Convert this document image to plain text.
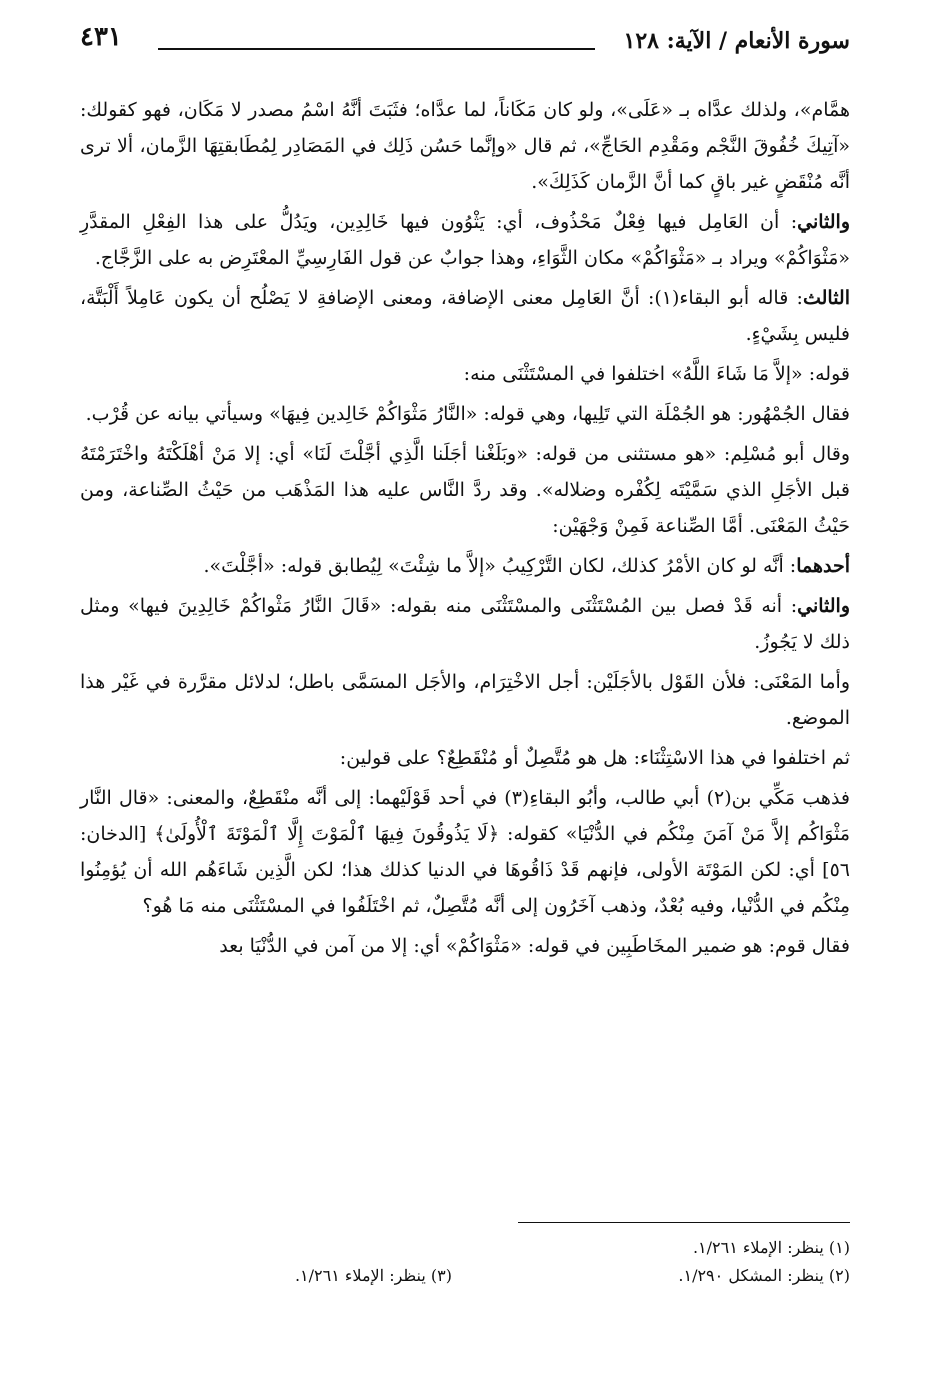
سورة الأنعام / الآية: ١٢٨
٤٣١

همَّام»، ولذلك عدَّاه بـ «عَلَى»، ولو كان مَكَاناً، لما عدَّاه؛ فثَبَتَ أنَّهُ اسْمُ مصدر لا مَكَان، فهو كقولك: «آتِيكَ خُفُوقَ النَّجْم ومَقْدِم الحَاجِّ»، ثم قال «وإنَّما حَسُن ذَلِك في المَصَادِر لِمُطَابقتِهَا الزَّمان، ألا ترى أنَّه مُنْقَضٍ غير باقٍ كما أنَّ الزَّمان كَذَلِكَ».

والثاني: أن العَامِل فيها فِعْلٌ مَحْذُوف، أي: يَثْوُون فيها خَالِدِين، ويَدُلُّ على هذا الفِعْلِ المقدَّرِ «مَثْوَاكُمْ» ويراد بـ «مَثْوَاكُمْ» مكان الثَّوَاءِ، وهذا جوابٌ عن قول الفَارِسِيِّ المعْتَرِض به على الزَّجَّاج.

الثالث: قاله أبو البقاء(١): أنَّ العَامِل معنى الإضافة، ومعنى الإضافةِ لا يَصْلُح أن يكون عَامِلاً أَلْبَتَّة، فليس بِشَيْءٍ.

قوله: «إلاَّ مَا شَاءَ اللَّهُ» اختلفوا في المسْتَثْنَى منه:

فقال الجُمْهُور: هو الجُمْلَة التي تَلِيها، وهي قوله: «النَّارُ مَثْوَاكُمْ خَالِدين فِيهَا» وسيأتي بيانه عن قُرْب.

وقال أبو مُسْلِم: «هو مستثنى من قوله: «وبَلَغْنا أجَلَنا الَّذِي أجَّلْتَ لَنَا» أي: إلا مَنْ أهْلَكْتَهُ واخْتَرَمْتَهُ قبل الأجَلِ الذي سَمَّيْتَه لِكُفْره وضلاله». وقد ردَّ النَّاس عليه هذا المَذْهَب من حَيْثُ الصِّناعة، ومن حَيْثُ المَعْنَى. أمَّا الصِّناعة فَمِنْ وَجْهَيْن:

أحدهما: أنَّه لو كان الأمْرُ كذلك، لكان التَّرْكِيبُ «إلاَّ ما شِئْتَ» لِيُطابق قوله: «أجَّلْتَ».

والثاني: أنه قَدْ فصل بين المُسْتَثْنَى والمسْتَثْنَى منه بقوله: «قَالَ النَّارُ مَثْواكُمْ خَالِدِينَ فيها» ومثل ذلك لا يَجُوزُ.

وأما المَعْنَى: فلأن القَوْل بالأجَلَيْن: أجل الاخْتِرَام، والأجَل المسَمَّى باطل؛ لدلائل مقرَّرة في غَيْر هذا الموضع.

ثم اختلفوا في هذا الاسْتِثْنَاء: هل هو مُتَّصِلٌ أو مُنْقَطِعٌ؟ على قولين:

فذهب مَكِّي بن(٢) أبي طالب، وأبُو البقاءِ(٣) في أحد قَوْلَيْهما: إلى أنَّه منْقَطِعٌ، والمعنى: «قال النَّار مَثْوَاكُم إلاَّ مَنْ آمَنَ مِنْكُم في الدُّنْيَا» كقوله: ﴿لَا يَذُوقُونَ فِيهَا ٱلْمَوْتَ إِلَّا ٱلْمَوْتَةَ ٱلْأُولَىٰ﴾ [الدخان: ٥٦] أي: لكن المَوْتَة الأولى، فإنهم قَدْ ذَاقُوهَا في الدنيا كذلك هذا؛ لكن الَّذِين شَاءَهُم الله أن يُؤمِنُوا مِنْكُم في الدُّنْيا، وفيه بُعْدٌ، وذهب آخَرُون إلى أنَّه مُتَّصِلٌ، ثم اخْتَلَفُوا في المسْتَثْنَى منه مَا هُو؟

فقال قوم: هو ضمير المخَاطَبِين في قوله: «مَثْوَاكُمْ» أي: إلا من آمن في الدُّنْيَا بعد

(١) ينظر: الإملاء ١/٢٦١.
(٢) ينظر: المشكل ١/٢٩٠.
(٣) ينظر: الإملاء ١/٢٦١.
